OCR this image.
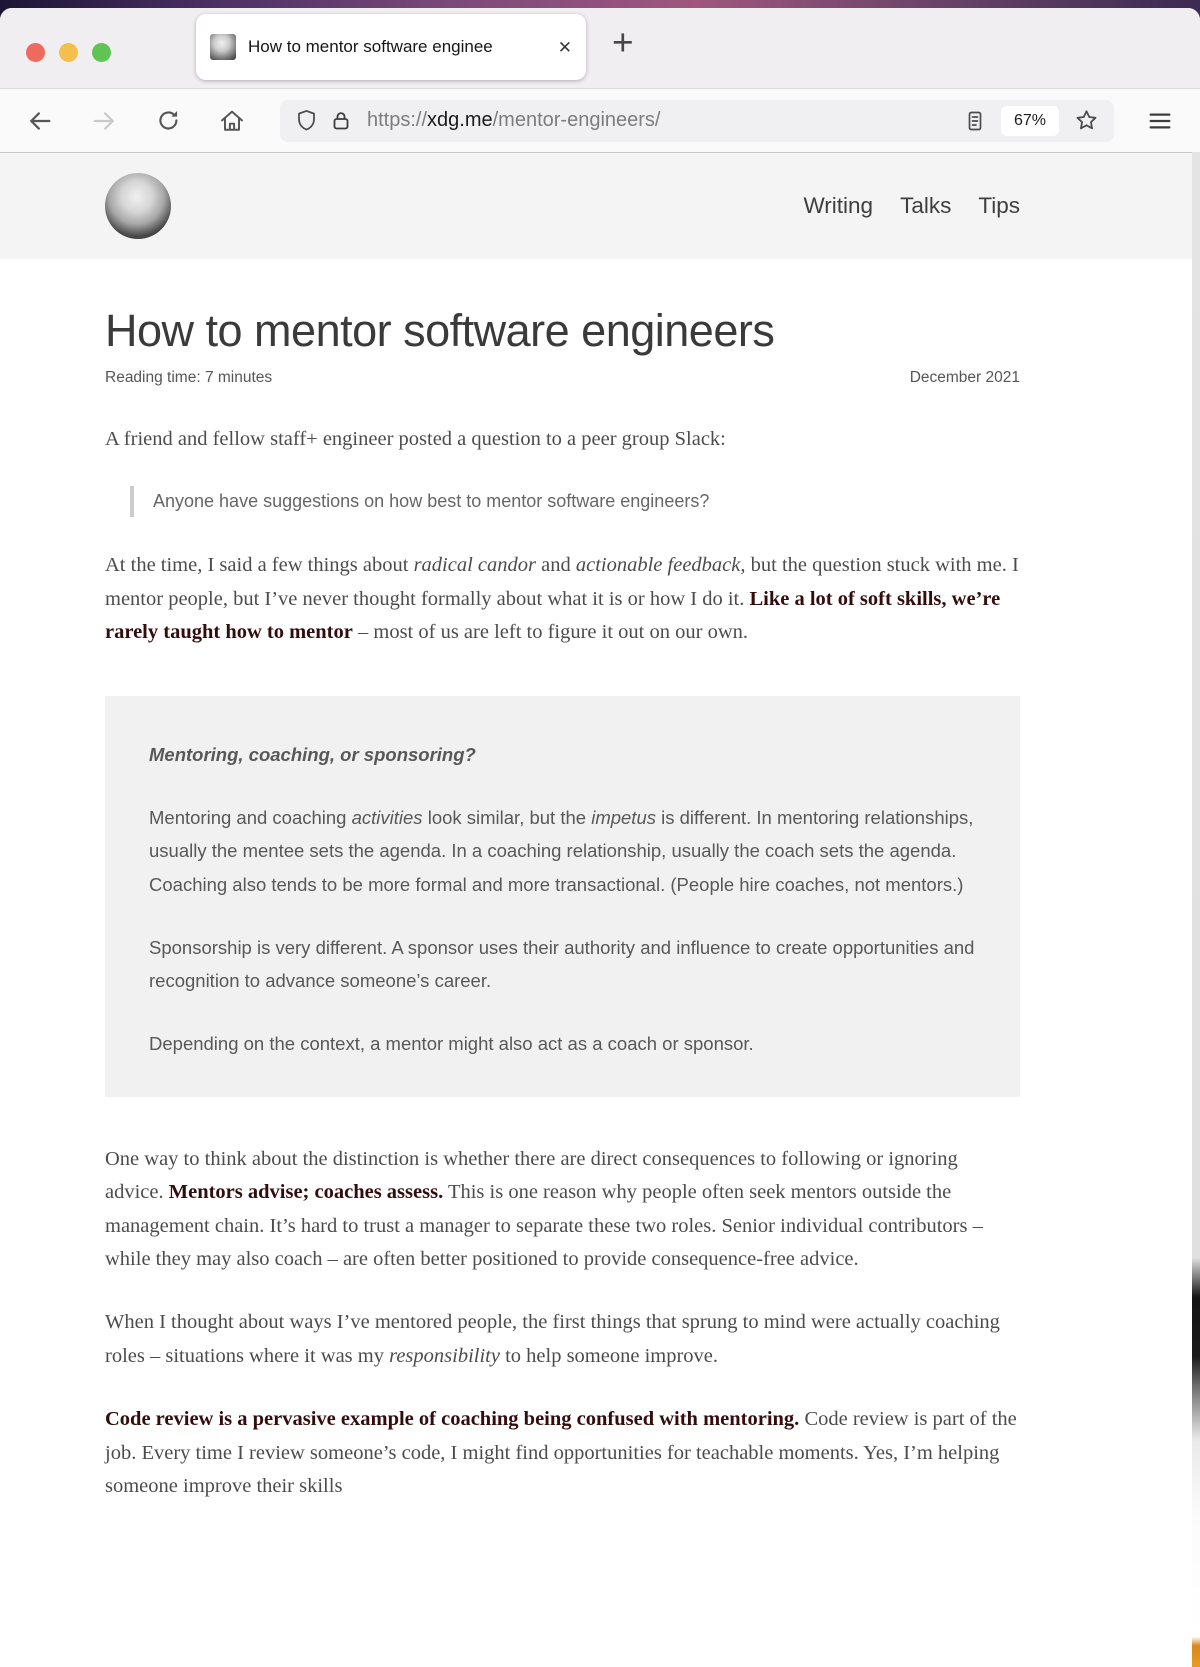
How to mentor software enginee	✕ +
https://xdg.me/mentor-engineers/	67%
Writing Talks Tips
How to mentor software engineers
Reading time: 7 minutes	December 2021

A friend and fellow staff+ engineer posted a question to a peer group Slack:

Anyone have suggestions on how best to mentor software engineers?

At the time, I said a few things about radical candor and actionable feedback, but the question stuck with me. I mentor people, but I’ve never thought formally about what it is or how I do it. Like a lot of soft skills, we’re rarely taught how to mentor – most of us are left to figure it out on our own.

Mentoring, coaching, or sponsoring?

Mentoring and coaching activities look similar, but the impetus is different. In mentoring relationships, usually the mentee sets the agenda. In a coaching relationship, usually the coach sets the agenda. Coaching also tends to be more formal and more transactional. (People hire coaches, not mentors.)

Sponsorship is very different. A sponsor uses their authority and influence to create opportunities and recognition to advance someone’s career.

Depending on the context, a mentor might also act as a coach or sponsor.

One way to think about the distinction is whether there are direct consequences to following or ignoring advice. Mentors advise; coaches assess. This is one reason why people often seek mentors outside the management chain. It’s hard to trust a manager to separate these two roles. Senior individual contributors – while they may also coach – are often better positioned to provide consequence-free advice.

When I thought about ways I’ve mentored people, the first things that sprung to mind were actually coaching roles – situations where it was my responsibility to help someone improve.

Code review is a pervasive example of coaching being confused with mentoring. Code review is part of the job. Every time I review someone’s code, I might find opportunities for teachable moments. Yes, I’m helping someone improve their skills
